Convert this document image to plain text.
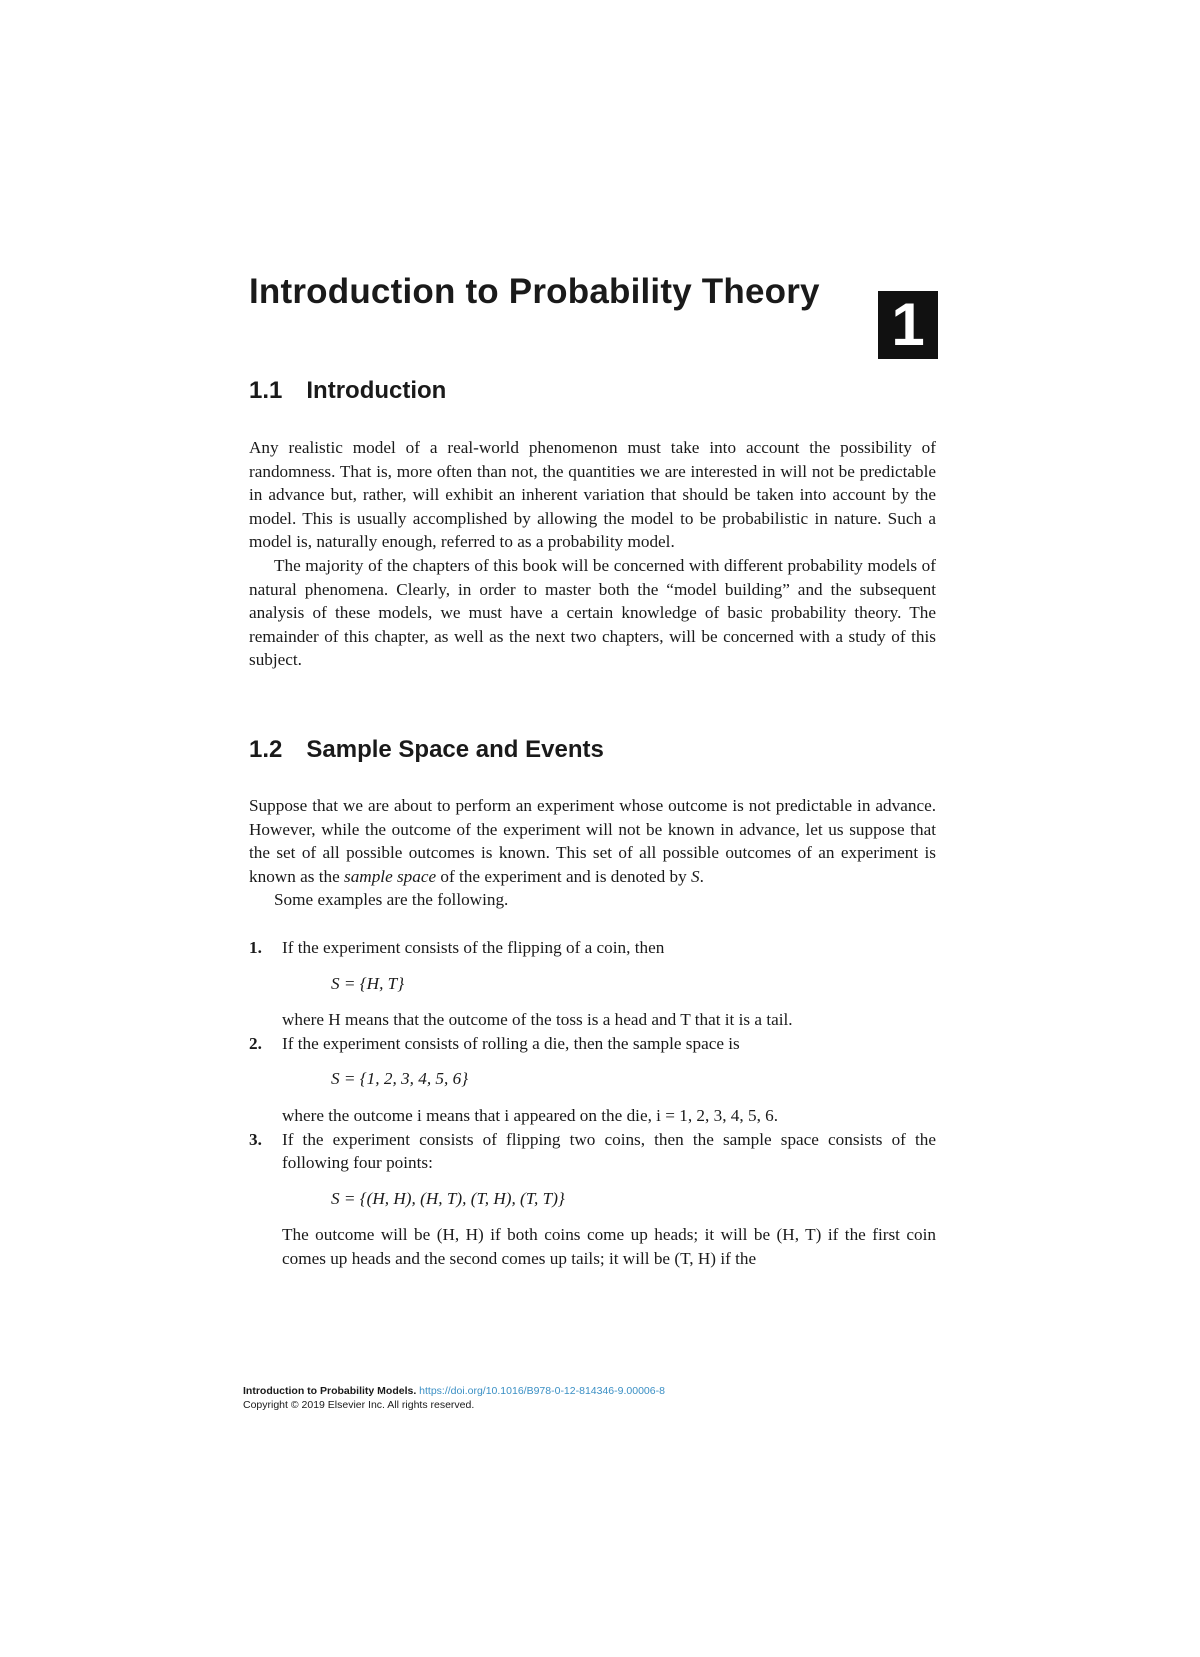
Introduction to Probability Theory 1
1.1 Introduction

Any realistic model of a real-world phenomenon must take into account the possibility of randomness. That is, more often than not, the quantities we are interested in will not be predictable in advance but, rather, will exhibit an inherent variation that should be taken into account by the model. This is usually accomplished by allowing the model to be probabilistic in nature. Such a model is, naturally enough, referred to as a probability model.

The majority of the chapters of this book will be concerned with different probability models of natural phenomena. Clearly, in order to master both the “model building” and the subsequent analysis of these models, we must have a certain knowledge of basic probability theory. The remainder of this chapter, as well as the next two chapters, will be concerned with a study of this subject.

1.2 Sample Space and Events

Suppose that we are about to perform an experiment whose outcome is not predictable in advance. However, while the outcome of the experiment will not be known in advance, let us suppose that the set of all possible outcomes is known. This set of all possible outcomes of an experiment is known as the sample space of the experiment and is denoted by S.

Some examples are the following.

1. If the experiment consists of the flipping of a coin, then

S = {H, T}

where H means that the outcome of the toss is a head and T that it is a tail.

2. If the experiment consists of rolling a die, then the sample space is

S = {1, 2, 3, 4, 5, 6}

where the outcome i means that i appeared on the die, i = 1, 2, 3, 4, 5, 6.

3. If the experiment consists of flipping two coins, then the sample space consists of the following four points:

S = {(H, H), (H, T), (T, H), (T, T)}

The outcome will be (H, H) if both coins come up heads; it will be (H, T) if the first coin comes up heads and the second comes up tails; it will be (T, H) if the

Introduction to Probability Models. https://doi.org/10.1016/B978-0-12-814346-9.00006-8
Copyright © 2019 Elsevier Inc. All rights reserved.
